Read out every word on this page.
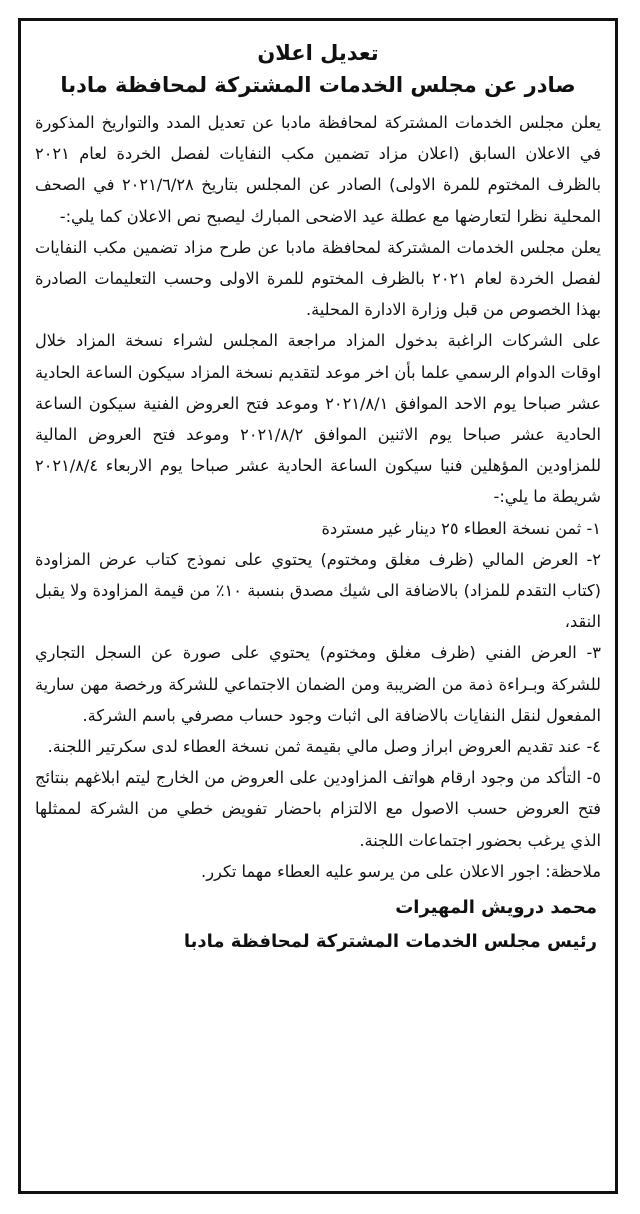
تعديل اعلان
صادر عن مجلس الخدمات المشتركة لمحافظة مادبا

يعلن مجلس الخدمات المشتركة لمحافظة مادبا عن تعديل المدد والتواريخ المذكورة في الاعلان السابق (اعلان مزاد تضمين مكب النفايات لفصل الخردة لعام ٢٠٢١ بالظرف المختوم للمرة الاولى) الصادر عن المجلس بتاريخ ٢٠٢١/٦/٢٨ في الصحف المحلية نظرا لتعارضها مع عطلة عيد الاضحى المبارك ليصبح نص الاعلان كما يلي:-

يعلن مجلس الخدمات المشتركة لمحافظة مادبا عن طرح مزاد تضمين مكب النفايات لفصل الخردة لعام ٢٠٢١ بالظرف المختوم للمرة الاولى وحسب التعليمات الصادرة بهذا الخصوص من قبل وزارة الادارة المحلية.

على الشركات الراغبة بدخول المزاد مراجعة المجلس لشراء نسخة المزاد خلال اوقات الدوام الرسمي علما بأن اخر موعد لتقديم نسخة المزاد سيكون الساعة الحادية عشر صباحا يوم الاحد الموافق ٢٠٢١/٨/١ وموعد فتح العروض الفنية سيكون الساعة الحادية عشر صباحا يوم الاثنين الموافق ٢٠٢١/٨/٢ وموعد فتح العروض المالية للمزاودين المؤهلين فنيا سيكون الساعة الحادية عشر صباحا يوم الاربعاء ٢٠٢١/٨/٤ شريطة ما يلي:-

١- ثمن نسخة العطاء ٢٥ دينار غير مستردة

٢- العرض المالي (ظرف مغلق ومختوم) يحتوي على نموذج كتاب عرض المزاودة (كتاب التقدم للمزاد) بالاضافة الى شيك مصدق بنسبة ١٠٪ من قيمة المزاودة ولا يقبل النقد،

٣- العرض الفني (ظرف مغلق ومختوم) يحتوي على صورة عن السجل التجاري للشركة وبـراءة ذمة من الضريبة ومن الضمان الاجتماعي للشركة ورخصة مهن سارية المفعول لنقل النفايات بالاضافة الى اثبات وجود حساب مصرفي باسم الشركة.

٤- عند تقديم العروض ابراز وصل مالي بقيمة ثمن نسخة العطاء لدى سكرتير اللجنة.

٥- التأكد من وجود ارقام هواتف المزاودين على العروض من الخارج ليتم ابلاغهم بنتائج فتح العروض حسب الاصول مع الالتزام باحضار تفويض خطي من الشركة لممثلها الذي يرغب بحضور اجتماعات اللجنة.

ملاحظة: اجور الاعلان على من يرسو عليه العطاء مهما تكرر.

محمد درويش المهيرات

رئيس مجلس الخدمات المشتركة لمحافظة مادبا
